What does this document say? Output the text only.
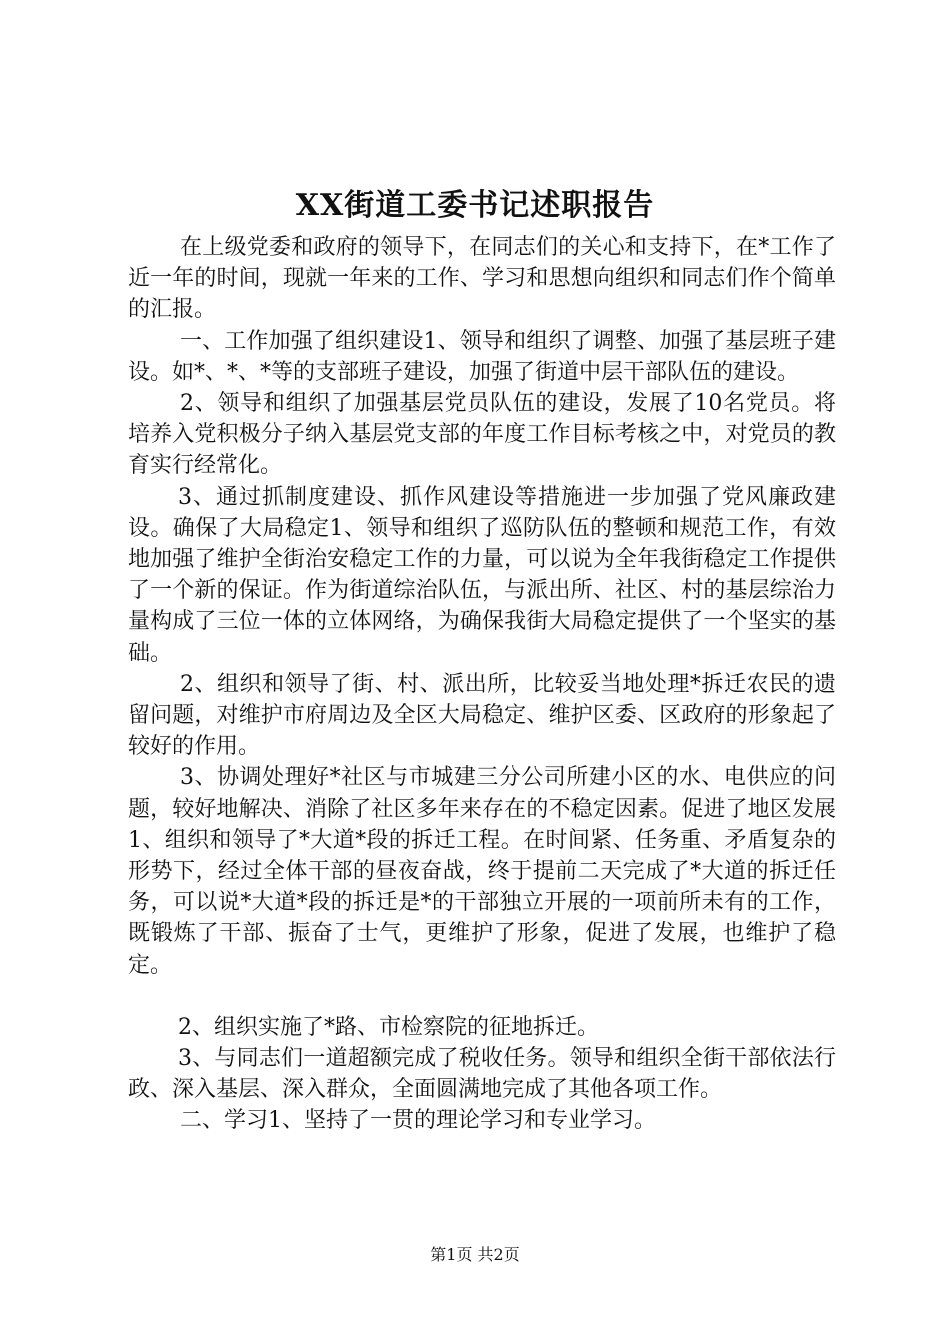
XX街道工委书记述职报告

在上级党委和政府的领导下，在同志们的关心和支持下，在*工作了近一年的时间，现就一年来的工作、学习和思想向组织和同志们作个简单的汇报。

一、工作加强了组织建设1、领导和组织了调整、加强了基层班子建设。如*、*、*等的支部班子建设，加强了街道中层干部队伍的建设。

2、领导和组织了加强基层党员队伍的建设，发展了10名党员。将培养入党积极分子纳入基层党支部的年度工作目标考核之中，对党员的教育实行经常化。

3、通过抓制度建设、抓作风建设等措施进一步加强了党风廉政建设。确保了大局稳定1、领导和组织了巡防队伍的整顿和规范工作，有效地加强了维护全街治安稳定工作的力量，可以说为全年我街稳定工作提供了一个新的保证。作为街道综治队伍，与派出所、社区、村的基层综治力量构成了三位一体的立体网络，为确保我街大局稳定提供了一个坚实的基础。

2、组织和领导了街、村、派出所，比较妥当地处理*拆迁农民的遗留问题，对维护市府周边及全区大局稳定、维护区委、区政府的形象起了较好的作用。

3、协调处理好*社区与市城建三分公司所建小区的水、电供应的问题，较好地解决、消除了社区多年来存在的不稳定因素。促进了地区发展1、组织和领导了*大道*段的拆迁工程。在时间紧、任务重、矛盾复杂的形势下，经过全体干部的昼夜奋战，终于提前二天完成了*大道的拆迁任务，可以说*大道*段的拆迁是*的干部独立开展的一项前所未有的工作，既锻炼了干部、振奋了士气，更维护了形象，促进了发展，也维护了稳定。

2、组织实施了*路、市检察院的征地拆迁。

3、与同志们一道超额完成了税收任务。领导和组织全街干部依法行政、深入基层、深入群众，全面圆满地完成了其他各项工作。

二、学习1、坚持了一贯的理论学习和专业学习。

第1页 共2页
